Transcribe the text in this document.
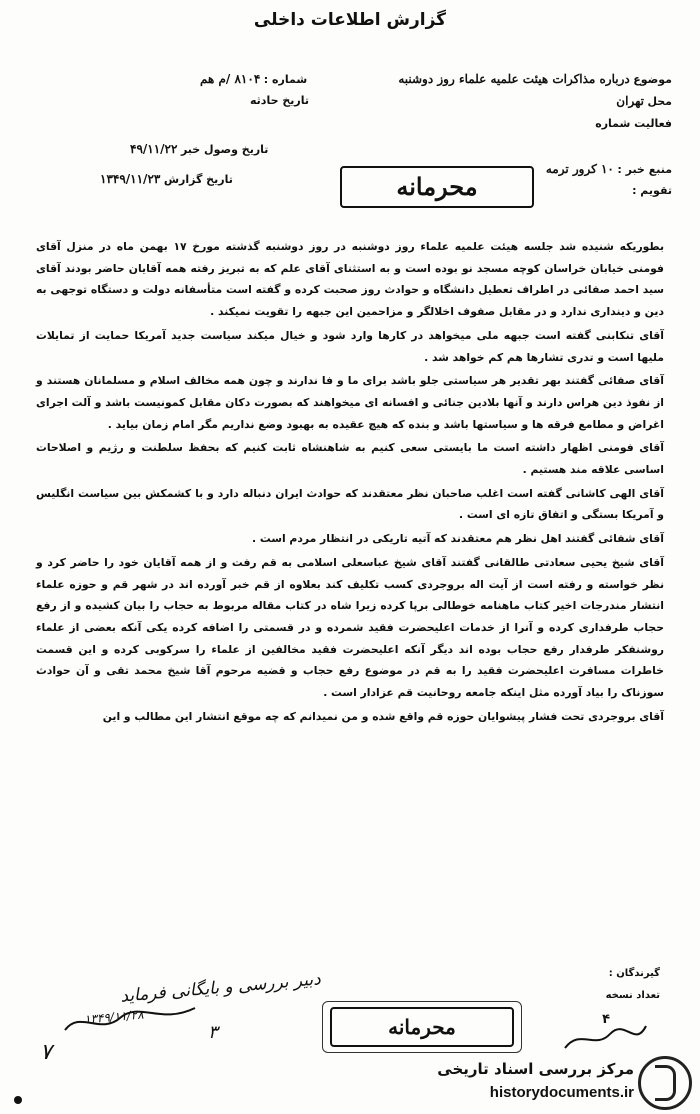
گزارش اطلاعات داخلی
موضوع درباره مذاکرات هیئت علمیه علماء روز دوشنبه
محل تهران
فعالیت شماره
منبع خبر : ۱۰ کرور ترمه
تقویم :
شماره : ۸۱۰۴ /م هم
تاریخ حادثه
تاریخ وصول خبر ۴۹/۱۱/۲۲
تاریخ گزارش ۱۳۴۹/۱۱/۲۳	محرمانه

بطوریکه شنیده شد جلسه هیئت علمیه علماء روز دوشنبه در روز دوشنبه گذشته مورخ ۱۷ بهمن ماه در منزل آقای فومنی خیابان خراسان کوچه مسجد نو بوده است و به استثنای آقای علم که به تبریز رفته همه آقایان حاضر بودند آقای سید احمد صفائی در اطراف تعطیل دانشگاه و حوادث روز صحبت کرده و گفته است متأسفانه دولت و دستگاه توجهی به دین و دینداری ندارد و در مقابل صفوف اخلالگر و مزاحمین این جبهه را تقویت نمیکند .

آقای تنکابنی گفته است جبهه ملی میخواهد در کارها وارد شود و خیال میکند سیاست جدید آمریکا حمایت از تمایلات ملیها است و تدری تشارها هم کم خواهد شد .

آقای صفائی گفتند بهر تقدیر هر سیاستی جلو باشد برای ما و فا ندارند و چون همه مخالف اسلام و مسلمانان هستند و از نفوذ دین هراس دارند و آنها بلادین جنائی و افسانه ای میخواهند که بصورت دکان مقابل کمونیست باشد و آلت اجرای اغراض و مطامع فرقه ها و سیاستها باشد و بنده که هیچ عقیده به بهبود وضع نداریم مگر امام زمان بیاید .

آقای فومنی اظهار داشته است ما بایستی سعی کنیم به شاهنشاه ثابت کنیم که بحفظ سلطنت و رژیم و اصلاحات اساسی علاقه مند هستیم .

آقای الهی کاشانی گفته است اغلب صاحبان نظر معتقدند که حوادث ایران دنباله دارد و با کشمکش بین سیاست انگلیس و آمریکا بستگی و اتفاق تازه ای است .

آقای شفائی گفتند اهل نظر هم معتقدند که آتیه تاریکی در انتظار مردم است .

آقای شیخ یحیی سعادتی طالقانی گفتند آقای شیخ عباسعلی اسلامی به قم رفت و از همه آقایان خود را حاضر کرد و نظر خواسته و رفته است از آیت اله بروجردی کسب تکلیف کند بعلاوه از قم خبر آورده اند در شهر قم و حوزه علماء انتشار مندرجات اخیر کتاب ماهنامه خوطالی برپا کرده زیرا شاه در کتاب مقاله مربوط به حجاب را بیان کشیده و از رفع حجاب طرفداری کرده و آنرا از خدمات اعلیحضرت فقید شمرده و در قسمتی را اضافه کرده یکی آنکه بعضی از علماء روشنفکر طرفدار رفع حجاب بوده اند دیگر آنکه اعلیحضرت فقید مخالفین از علماء را سرکوبی کرده و این قسمت خاطرات مسافرت اعلیحضرت فقید را به قم در موضوع رفع حجاب و قضیه مرحوم آقا شیخ محمد تقی و آن حوادث سوزناک را بیاد آورده مثل اینکه جامعه روحانیت قم عزادار است .

آقای بروجردی تحت فشار پیشوایان حوزه قم واقع شده و من نمیدانم که چه موقع انتشار این مطالب و این

گیرندگان :
تعداد نسخه
۴
دبیر بررسی و بایگانی فرماید
۱۳۴۹/۱۱/۲۸
۳
۷
محرمانه
مرکز بررسی اسناد تاریخی
historydocuments.ir
